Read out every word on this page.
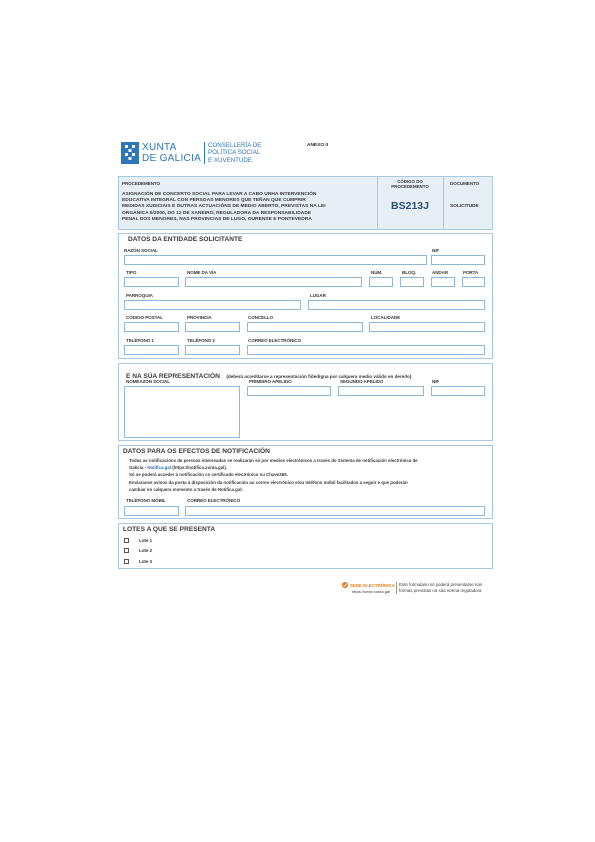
XUNTA
DE GALICIA
CONSELLERÍA DE
POLÍTICA SOCIAL
E XUVENTUDE
ANEXO II
PROCEDEMENTO
ASIGNACIÓN DE CONCERTO SOCIAL PARA LEVAR A CABO UNHA INTERVENCIÓN
EDUCATIVA INTEGRAL CON PERSOAS MENORES QUE TEÑAN QUE CUMPRIR
MEDIDAS XUDICIAIS E OUTRAS ACTUACIÓNS DE MEDIO ABERTO, PREVISTAS NA LEI
ORGÁNICA 5/2000, DO 12 DE XANEIRO, REGULADORA DA RESPONSABILIDADE
PENAL DOS MENORES, NAS PROVINCIAS DE LUGO, OURENSE E PONTEVEDRA
CÓDIGO DO
PROCEDEMENTO
BS213J
DOCUMENTO
SOLICITUDE
DATOS DA ENTIDADE SOLICITANTE
RAZÓN SOCIAL	NIF
TIPO	NOME DA VÍA	NÚM.	BLOQ.	ANDAR	PORTA
PARROQUIA	LUGAR
CÓDIGO POSTAL	PROVINCIA	CONCELLO	LOCALIDADE
TELÉFONO 1	TELÉFONO 2	CORREO ELECTRÓNICO
E NA SÚA REPRESENTACIÓN (deberá acreditarse a representación fidedigna por calquera medio válido en dereito)
NOMEAZÓN SOCIAL	PRIMEIRO APELIDO	SEGUNDO APELIDO	NIF
DATOS PARA OS EFECTOS DE NOTIFICACIÓN
Todas as notificacións de persoas interesadas se realizarán só por medios electrónicos a través do Sistema de notificación electrónica de
Galicia - Notifica.gal (https://notifica.xunta.gal).
Só se poderá acceder á notificación co certificado electrónico ou Chave365.
Enviaranse avisos da posta á disposición da notificación ao correo electrónico e/ou teléfono móbil facilitados a seguir e que poderán
cambiar en calquera momento a través de Notifica.gal:
TELÉFONO MÓBIL	CORREO ELECTRÓNICO
LOTES A QUE SE PRESENTA
Lote 1
Lote 2
Lote 3
SEDE ELECTRÓNICA
https://sede.xunta.gal
Este formulario só poderá presentarse nas
formas previstas na súa norma reguladora
